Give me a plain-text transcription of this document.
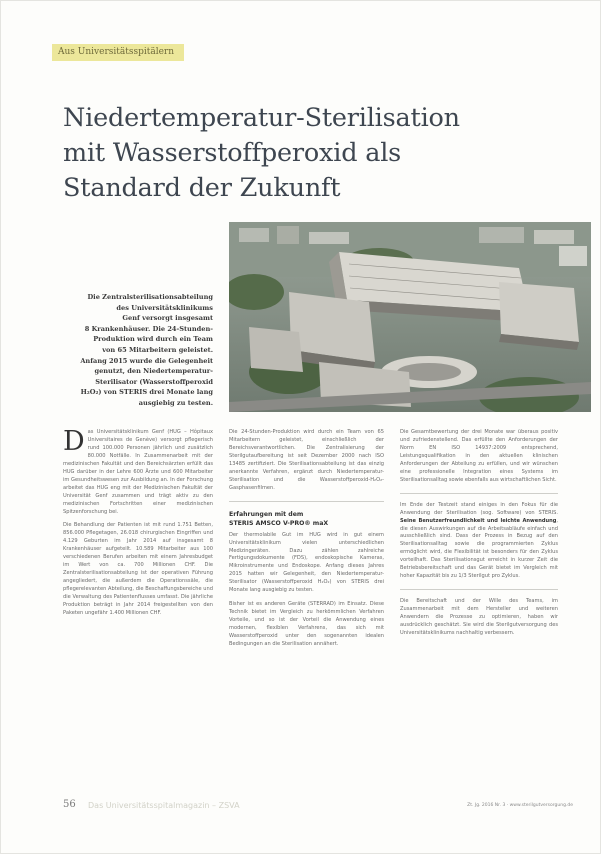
Aus Universitätsspitälern
Niedertemperatur-Sterilisation
mit Wasserstoffperoxid als
Standard der Zukunft
Die Zentralsterilisationsabteilung
des Universitätsklinikums
Genf versorgt insgesamt
8 Krankenhäuser. Die 24-Stunden-
Produktion wird durch ein Team
von 65 Mitarbeitern geleistet.
Anfang 2015 wurde die Gelegenheit
genutzt, den Niedertemperatur-
Sterilisator (Wasserstoffperoxid
H₂O₂) von STERIS drei Monate lang
ausgiebig zu testen.

Das Universitätsklinikum Genf (HUG – Hôpitaux Universitaires de Genève) versorgt pflegerisch rund 100.000 Personen jährlich und zusätzlich 80.000 Notfälle. In Zusammenarbeit mit der medizinischen Fakultät und den Bereichsärzten erfüllt das HUG darüber in der Lehre 600 Ärzte und 600 Mitarbeiter im Gesundheitswesen zur Ausbildung an. In der Forschung arbeitet das HUG eng mit der Medizinischen Fakultät der Universität Genf zusammen und trägt aktiv zu den medizinischen Fortschritten einer medizinischen Spitzenforschung bei.

Die Behandlung der Patienten ist mit rund 1.751 Betten, 856.000 Pflegetagen, 26.018 chirurgischen Eingriffen und 4.129 Geburten im Jahr 2014 auf insgesamt 8 Krankenhäuser aufgeteilt. 10.589 Mitarbeiter aus 100 verschiedenen Berufen arbeiten mit einem Jahresbudget im Wert von ca. 700 Millionen CHF. Die Zentralsterilisationsabteilung ist der operativen Führung angegliedert, die außerdem die Operationssäle, die pflegerelevanten Abteilung, die Beschaffungsbereiche und die Verwaltung des Patientenflusses umfasst. Die jährliche Produktion beträgt in Jahr 2014 freigestellten von den Paketen ungefähr 1.400 Millionen CHF.

Die 24-Stunden-Produktion wird durch ein Team von 65 Mitarbeitern geleistet, einschließlich der Bereichsverantwortlichen. Die Zentralisierung der Sterilgutaufbereitung ist seit Dezember 2000 nach ISO 13485 zertifiziert. Die Sterilisationsabteilung ist das einzig anerkannte Verfahren, ergänzt durch Niedertemperatur-Sterilisation und die Wasserstoffperoxid-H₂O₂-Gasphasenfilmen.

Erfahrungen mit dem
STERIS AMSCO V-PRO® maX

Der thermolabile Gut im HUG wird in gut einem Universitätsklinikum vielen unterschiedlichen Medizingeräten. Dazu zählen zahlreiche Fertigungsdokumente (FDS), endoskopische Kameras, Mikroinstrumente und Endoskope. Anfang dieses Jahres 2015 hatten wir Gelegenheit, den Niedertemperatur-Sterilisator (Wasserstoffperoxid H₂O₂) von STERIS drei Monate lang ausgiebig zu testen.

Bisher ist es anderen Geräte (STERRAD) im Einsatz. Diese Technik bietet im Vergleich zu herkömmlichen Verfahren Vorteile, und so ist der Vorteil die Anwendung eines modernen, flexiblen Verfahrens, das sich mit Wasserstoffperoxid unter den sogenannten idealen Bedingungen an die Sterilisation annähert.

Die Gesamtbewertung der drei Monate war überaus positiv und zufriedenstellend. Das erfüllte den Anforderungen der Norm EN ISO 14937:2009 entsprechend, Leistungsqualifikation in den aktuellen klinischen Anforderungen der Abteilung zu erfüllen, und wir wünschen eine professionelle Integration eines Systems im Sterilisationsalltag sowie ebenfalls aus wirtschaftlichen Sicht.

Im Ende der Testzeit stand einiges in den Fokus für die Anwendung der Sterilisation (sog. Software) von STERIS. Seine Benutzerfreundlichkeit und leichte Anwendung, die diesen Auswirkungen auf die Arbeitsabläufe einfach und ausschließlich sind. Dass der Prozess in Bezug auf den Sterilisationsalltag sowie die programmierten Zyklus ermöglicht wird, die Flexibilität ist besonders für den Zyklus vorteilhaft. Das Sterilisationsgut erreicht in kurzer Zeit die Betriebsbereitschaft und das Gerät bietet im Vergleich mit hoher Kapazität bis zu 1/3 Sterilgut pro Zyklus.

Die Bereitschaft und der Wille des Teams, im Zusammenarbeit mit dem Hersteller und weiteren Anwendern die Prozesse zu optimieren, haben wir ausdrücklich geschätzt. Sie wird die Sterilgutversorgung des Universitätsklinikums nachhaltig verbessern.

56 Das Universitätsspitalmagazin – ZSVA	Zt. Jg. 2016 Nr. 3 · www.sterilgutversorgung.de
